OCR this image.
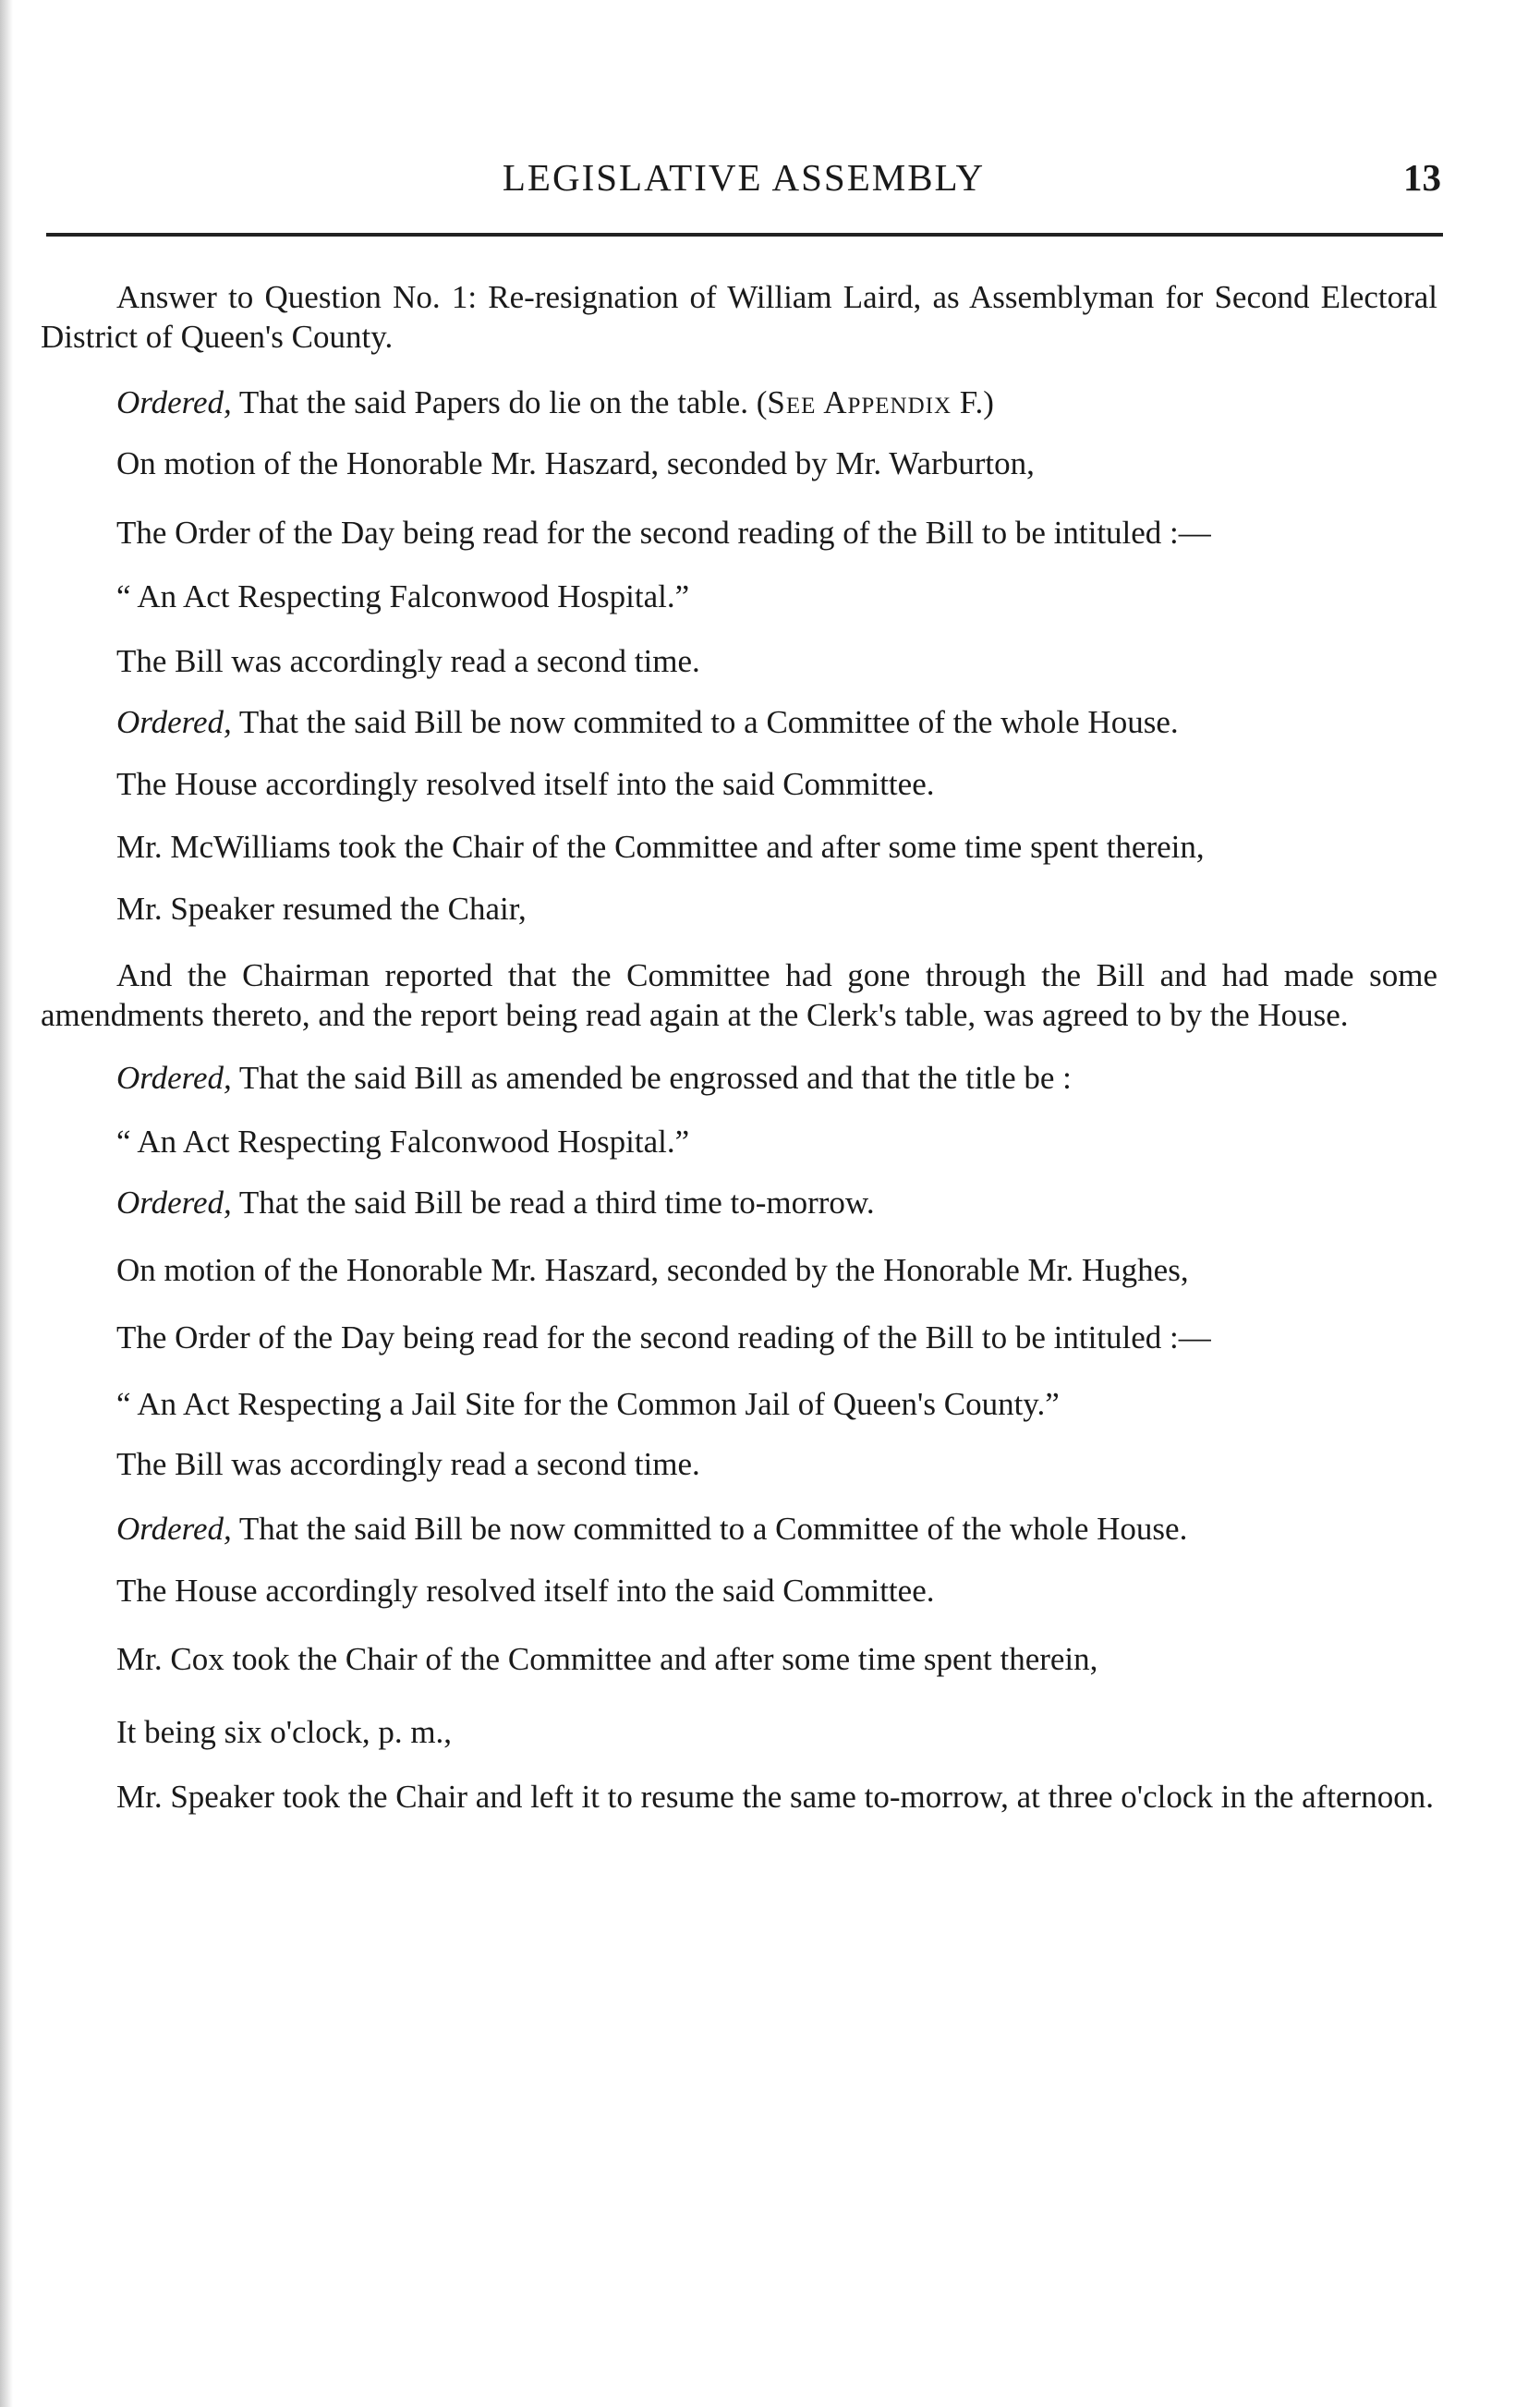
LEGISLATIVE ASSEMBLY	13

Answer to Question No. 1: Re-resignation of William Laird, as Assemblyman for Second Electoral District of Queen's County.

Ordered, That the said Papers do lie on the table. (See Appendix F.)

On motion of the Honorable Mr. Haszard, seconded by Mr. Warburton,

The Order of the Day being read for the second reading of the Bill to be intituled :—

“ An Act Respecting Falconwood Hospital.”

The Bill was accordingly read a second time.

Ordered, That the said Bill be now commited to a Committee of the whole House.

The House accordingly resolved itself into the said Committee.

Mr. McWilliams took the Chair of the Committee and after some time spent therein,

Mr. Speaker resumed the Chair,

And the Chairman reported that the Committee had gone through the Bill and had made some amendments thereto, and the report being read again at the Clerk's table, was agreed to by the House.

Ordered, That the said Bill as amended be engrossed and that the title be :

“ An Act Respecting Falconwood Hospital.”

Ordered, That the said Bill be read a third time to-morrow.

On motion of the Honorable Mr. Haszard, seconded by the Honorable Mr. Hughes,

The Order of the Day being read for the second reading of the Bill to be intituled :—

“ An Act Respecting a Jail Site for the Common Jail of Queen's County.”

The Bill was accordingly read a second time.

Ordered, That the said Bill be now committed to a Committee of the whole House.

The House accordingly resolved itself into the said Committee.

Mr. Cox took the Chair of the Committee and after some time spent therein,

It being six o'clock, p. m.,

Mr. Speaker took the Chair and left it to resume the same to-morrow, at three o'clock in the afternoon.
